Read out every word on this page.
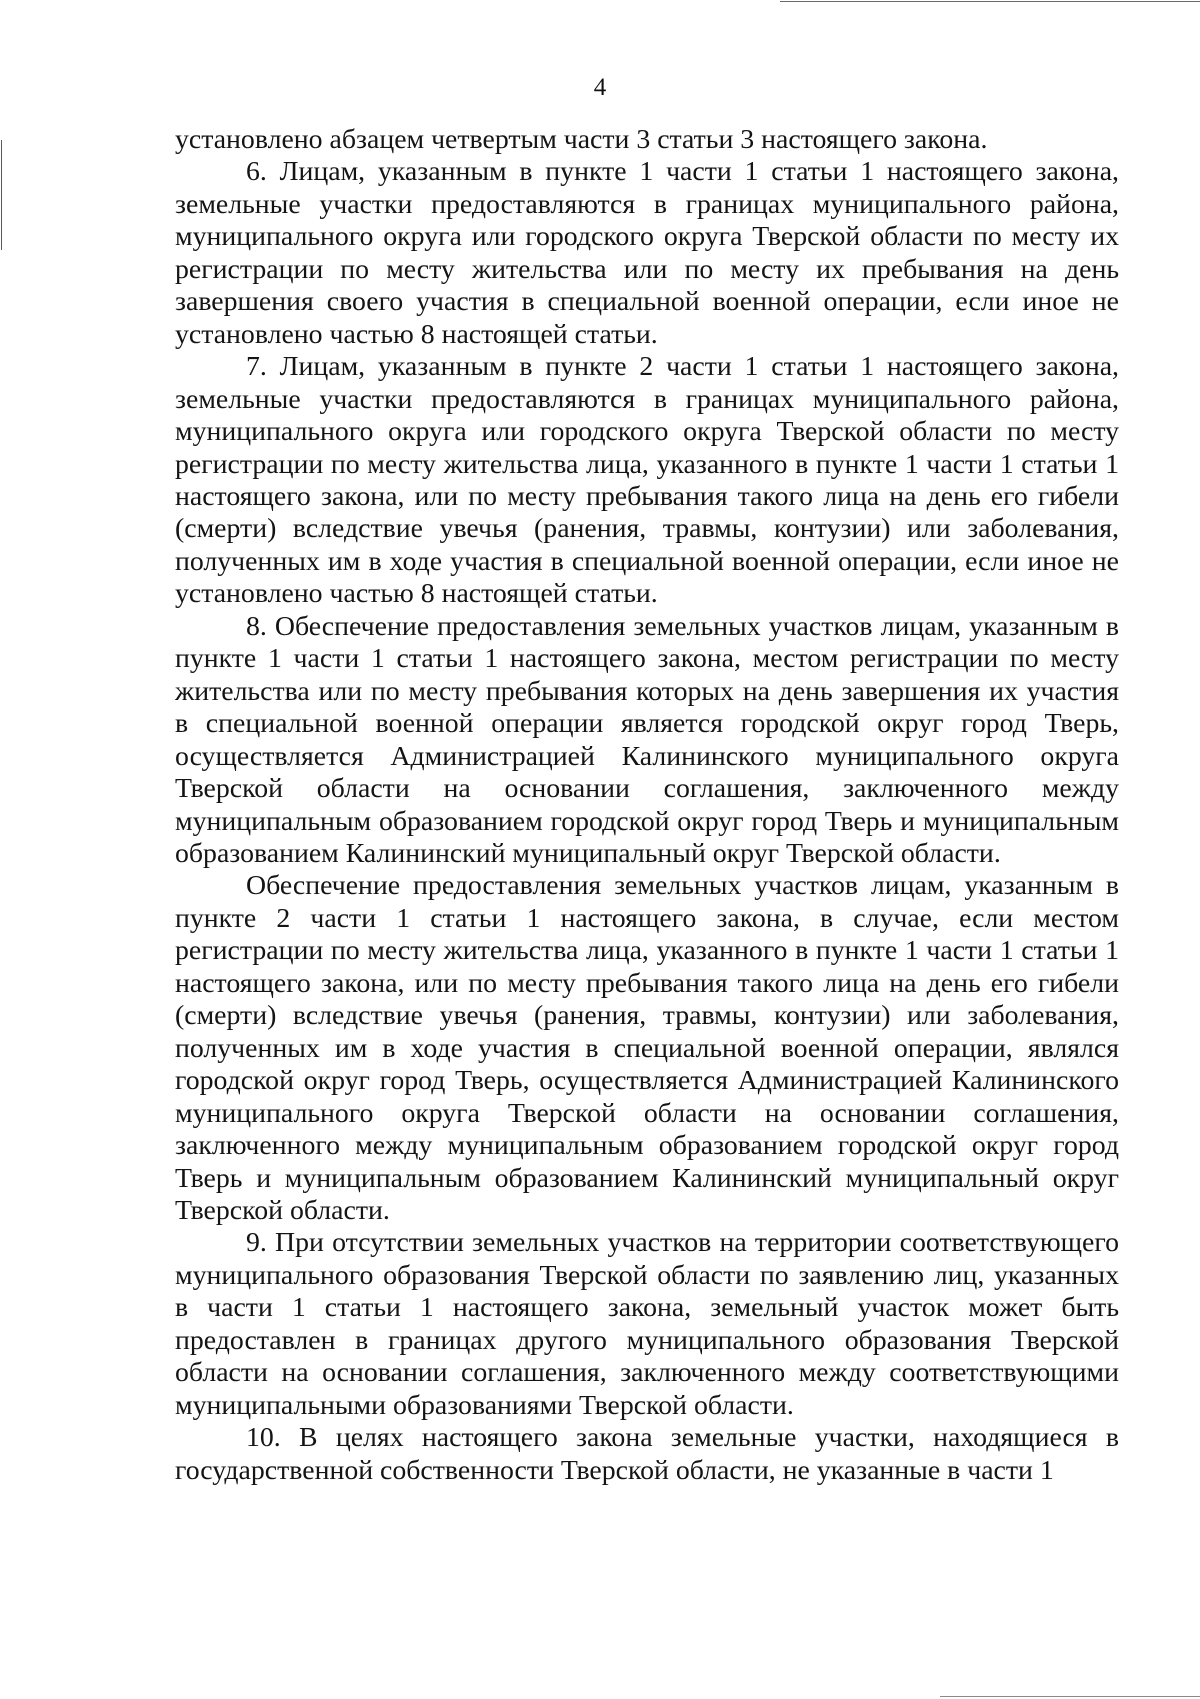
4

установлено абзацем четвертым части 3 статьи 3 настоящего закона.

6. Лицам, указанным в пункте 1 части 1 статьи 1 настоящего закона, земельные участки предоставляются в границах муниципального района, муниципального округа или городского округа Тверской области по месту их регистрации по месту жительства или по месту их пребывания на день завершения своего участия в специальной военной операции, если иное не установлено частью 8 настоящей статьи.

7. Лицам, указанным в пункте 2 части 1 статьи 1 настоящего закона, земельные участки предоставляются в границах муниципального района, муниципального округа или городского округа Тверской области по месту регистрации по месту жительства лица, указанного в пункте 1 части 1 статьи 1 настоящего закона, или по месту пребывания такого лица на день его гибели (смерти) вследствие увечья (ранения, травмы, контузии) или заболевания, полученных им в ходе участия в специальной военной операции, если иное не установлено частью 8 настоящей статьи.

8. Обеспечение предоставления земельных участков лицам, указанным в пункте 1 части 1 статьи 1 настоящего закона, местом регистрации по месту жительства или по месту пребывания которых на день завершения их участия в специальной военной операции является городской округ город Тверь, осуществляется Администрацией Калининского муниципального округа Тверской области на основании соглашения, заключенного между муниципальным образованием городской округ город Тверь и муниципальным образованием Калининский муниципальный округ Тверской области.

Обеспечение предоставления земельных участков лицам, указанным в пункте 2 части 1 статьи 1 настоящего закона, в случае, если местом регистрации по месту жительства лица, указанного в пункте 1 части 1 статьи 1 настоящего закона, или по месту пребывания такого лица на день его гибели (смерти) вследствие увечья (ранения, травмы, контузии) или заболевания, полученных им в ходе участия в специальной военной операции, являлся городской округ город Тверь, осуществляется Администрацией Калининского муниципального округа Тверской области на основании соглашения, заключенного между муниципальным образованием городской округ город Тверь и муниципальным образованием Калининский муниципальный округ Тверской области.

9. При отсутствии земельных участков на территории соответствующего муниципального образования Тверской области по заявлению лиц, указанных в части 1 статьи 1 настоящего закона, земельный участок может быть предоставлен в границах другого муниципального образования Тверской области на основании соглашения, заключенного между соответствующими муниципальными образованиями Тверской области.

10. В целях настоящего закона земельные участки, находящиеся в государственной собственности Тверской области, не указанные в части 1
